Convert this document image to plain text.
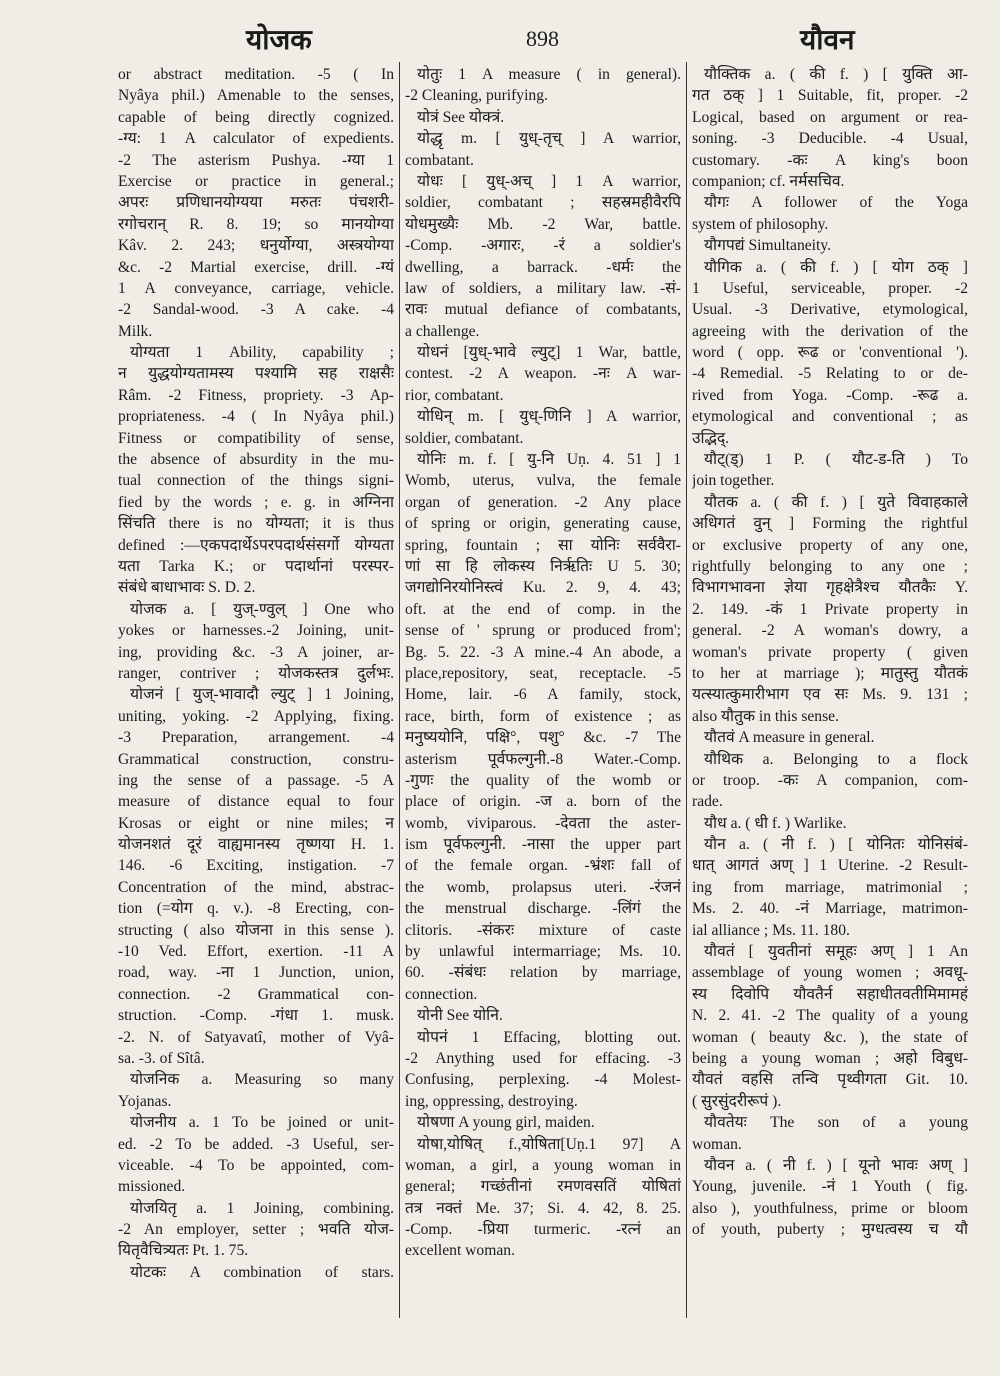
योजक	898	यौवन
or abstract meditation. -5 ( In
Nyâya phil.) Amenable to the senses,
capable of being directly cognized.
-ग्य: 1 A calculator of expedients.
-2 The asterism Pushya. -ग्या 1
Exercise or practice in general.;
अपरः प्रणिधानयोग्यया मरुतः पंचशरी-
रगोचरान् R. 8. 19; so मानयोग्या
Kâv. 2. 243; धनुर्योग्या, अस्त्रयोग्या
&c. -2 Martial exercise, drill. -ग्यं
1 A conveyance, carriage, vehicle.
-2 Sandal-wood. -3 A cake. -4
Milk.
योग्यता 1 Ability, capability ;
न युद्धयोग्यतामस्य पश्यामि सह राक्षसैः
Râm. -2 Fitness, propriety. -3 Ap-
propriateness. -4 ( In Nyâya phil.)
Fitness or compatibility of sense,
the absence of absurdity in the mu-
tual connection of the things signi-
fied by the words ; e. g. in अग्निना
सिंचति there is no योग्यता; it is thus
defined :—एकपदार्थेऽपरपदार्थसंसर्गो योग्यता
यता Tarka K.; or पदार्थानां परस्पर-
संबंधे बाधाभावः S. D. 2.
योजक a. [ युज्-ण्वुल् ] One who
yokes or harnesses.-2 Joining, unit-
ing, providing &c. -3 A joiner, ar-
ranger, contriver ; योजकस्तत्र दुर्लभः.
योजनं [ युज्-भावादौ ल्युट् ] 1 Joining,
uniting, yoking. -2 Applying, fixing.
-3 Preparation, arrangement. -4
Grammatical construction, constru-
ing the sense of a passage. -5 A
measure of distance equal to four
Krosas or eight or nine miles; न
योजनशतं दूरं वाह्यमानस्य तृष्णया H. 1.
146. -6 Exciting, instigation. -7
Concentration of the mind, abstrac-
tion (=योग q. v.). -8 Erecting, con-
structing ( also योजना in this sense ).
-10 Ved. Effort, exertion. -11 A
road, way. -ना 1 Junction, union,
connection. -2 Grammatical con-
struction. -Comp. -गंधा 1. musk.
-2. N. of Satyavatî, mother of Vyâ-
sa. -3. of Sîtâ.
योजनिक a. Measuring so many
Yojanas.
योजनीय a. 1 To be joined or unit-
ed. -2 To be added. -3 Useful, ser-
viceable. -4 To be appointed, com-
missioned.
योजयितृ a. 1 Joining, combining.
-2 An employer, setter ; भवति योज-
यितृवैचित्र्यतः Pt. 1. 75.
योटकः A combination of stars.
योतुः 1 A measure ( in general).
-2 Cleaning, purifying.
योत्रं See योक्त्रं.
योद्धृ m. [ युध्-तृच् ] A warrior,
combatant.
योधः [ युध्-अच् ] 1 A warrior,
soldier, combatant ; सहस्रमहीवैरपि
योधमुख्यैः Mb. -2 War, battle.
-Comp. -अगारः, -रं a soldier's
dwelling, a barrack. -धर्मः the
law of soldiers, a military law. -सं-
रावः mutual defiance of combatants,
a challenge.
योधनं [युध्-भावे ल्युट्] 1 War, battle,
contest. -2 A weapon. -नः A war-
rior, combatant.
योधिन् m. [ युध्-णिनि ] A warrior,
soldier, combatant.
योनिः m. f. [ यु-नि Uṇ. 4. 51 ] 1
Womb, uterus, vulva, the female
organ of generation. -2 Any place
of spring or origin, generating cause,
spring, fountain ; सा योनिः सर्ववैरा-
णां सा हि लोकस्य निर्ऋतिः U 5. 30;
जगद्योनिरयोनिस्त्वं Ku. 2. 9, 4. 43;
oft. at the end of comp. in the
sense of ' sprung or produced from';
Bg. 5. 22. -3 A mine.-4 An abode, a
place,repository, seat, receptacle. -5
Home, lair. -6 A family, stock,
race, birth, form of existence ; as
मनुष्ययोनि, पक्षि°, पशु° &c. -7 The
asterism पूर्वफल्गुनी.-8 Water.-Comp.
-गुणः the quality of the womb or
place of origin. -ज a. born of the
womb, viviparous. -देवता the aster-
ism पूर्वफल्गुनी. -नासा the upper part
of the female organ. -भ्रंशः fall of
the womb, prolapsus uteri. -रंजनं
the menstrual discharge. -लिंगं the
clitoris. -संकरः mixture of caste
by unlawful intermarriage; Ms. 10.
60. -संबंधः relation by marriage,
connection.
योनी See योनि.
योपनं 1 Effacing, blotting out.
-2 Anything used for effacing. -3
Confusing, perplexing. -4 Molest-
ing, oppressing, destroying.
योषणा A young girl, maiden.
योषा,योषित् f.,योषिता[Uṇ.1 97] A
woman, a girl, a young woman in
general; गच्छंतीनां रमणवसतिं योषितां
तत्र नक्तं Me. 37; Si. 4. 42, 8. 25.
-Comp. -प्रिया turmeric. -रत्नं an
excellent woman.
यौक्तिक a. ( की f. ) [ युक्ति आ-
गत ठक् ] 1 Suitable, fit, proper. -2
Logical, based on argument or rea-
soning. -3 Deducible. -4 Usual,
customary. -कः A king's boon
companion; cf. नर्मसचिव.
यौगः A follower of the Yoga
system of philosophy.
यौगपद्यं Simultaneity.
यौगिक a. ( की f. ) [ योग ठक् ]
1 Useful, serviceable, proper. -2
Usual. -3 Derivative, etymological,
agreeing with the derivation of the
word ( opp. रूढ or 'conventional ').
-4 Remedial. -5 Relating to or de-
rived from Yoga. -Comp. -रूढ a.
etymological and conventional ; as
उद्भिद्.
यौट्(ड्) 1 P. ( यौट-ड-ति ) To
join together.
यौतक a. ( की f. ) [ युते विवाहकाले
अधिगतं वुन् ] Forming the rightful
or exclusive property of any one,
rightfully belonging to any one ;
विभागभावना ज्ञेया गृहक्षेत्रैश्च यौतकैः Y.
2. 149. -कं 1 Private property in
general. -2 A woman's dowry, a
woman's private property ( given
to her at marriage ); मातुस्तु यौतकं
यत्स्यात्कुमारीभाग एव सः Ms. 9. 131 ;
also यौतुक in this sense.
यौतवं A measure in general.
यौथिक a. Belonging to a flock
or troop. -कः A companion, com-
rade.
यौध a. ( धी f. ) Warlike.
यौन a. ( नी f. ) [ योनितः योनिसंबं-
धात् आगतं अण् ] 1 Uterine. -2 Result-
ing from marriage, matrimonial ;
Ms. 2. 40. -नं Marriage, matrimon-
ial alliance ; Ms. 11. 180.
यौवतं [ युवतीनां समूहः अण् ] 1 An
assemblage of young women ; अवधू-
स्य दिवोपि यौवतैर्न सहाधीतवतीमिमामहं
N. 2. 41. -2 The quality of a young
woman ( beauty &c. ), the state of
being a young woman ; अहो विबुध-
यौवतं वहसि तन्वि पृथ्वीगता Git. 10.
( सुरसुंदरीरूपं ).
यौवतेयः The son of a young
woman.
यौवन a. ( नी f. ) [ यूनो भावः अण् ]
Young, juvenile. -नं 1 Youth ( fig.
also ), youthfulness, prime or bloom
of youth, puberty ; मुग्धत्वस्य च यौ
